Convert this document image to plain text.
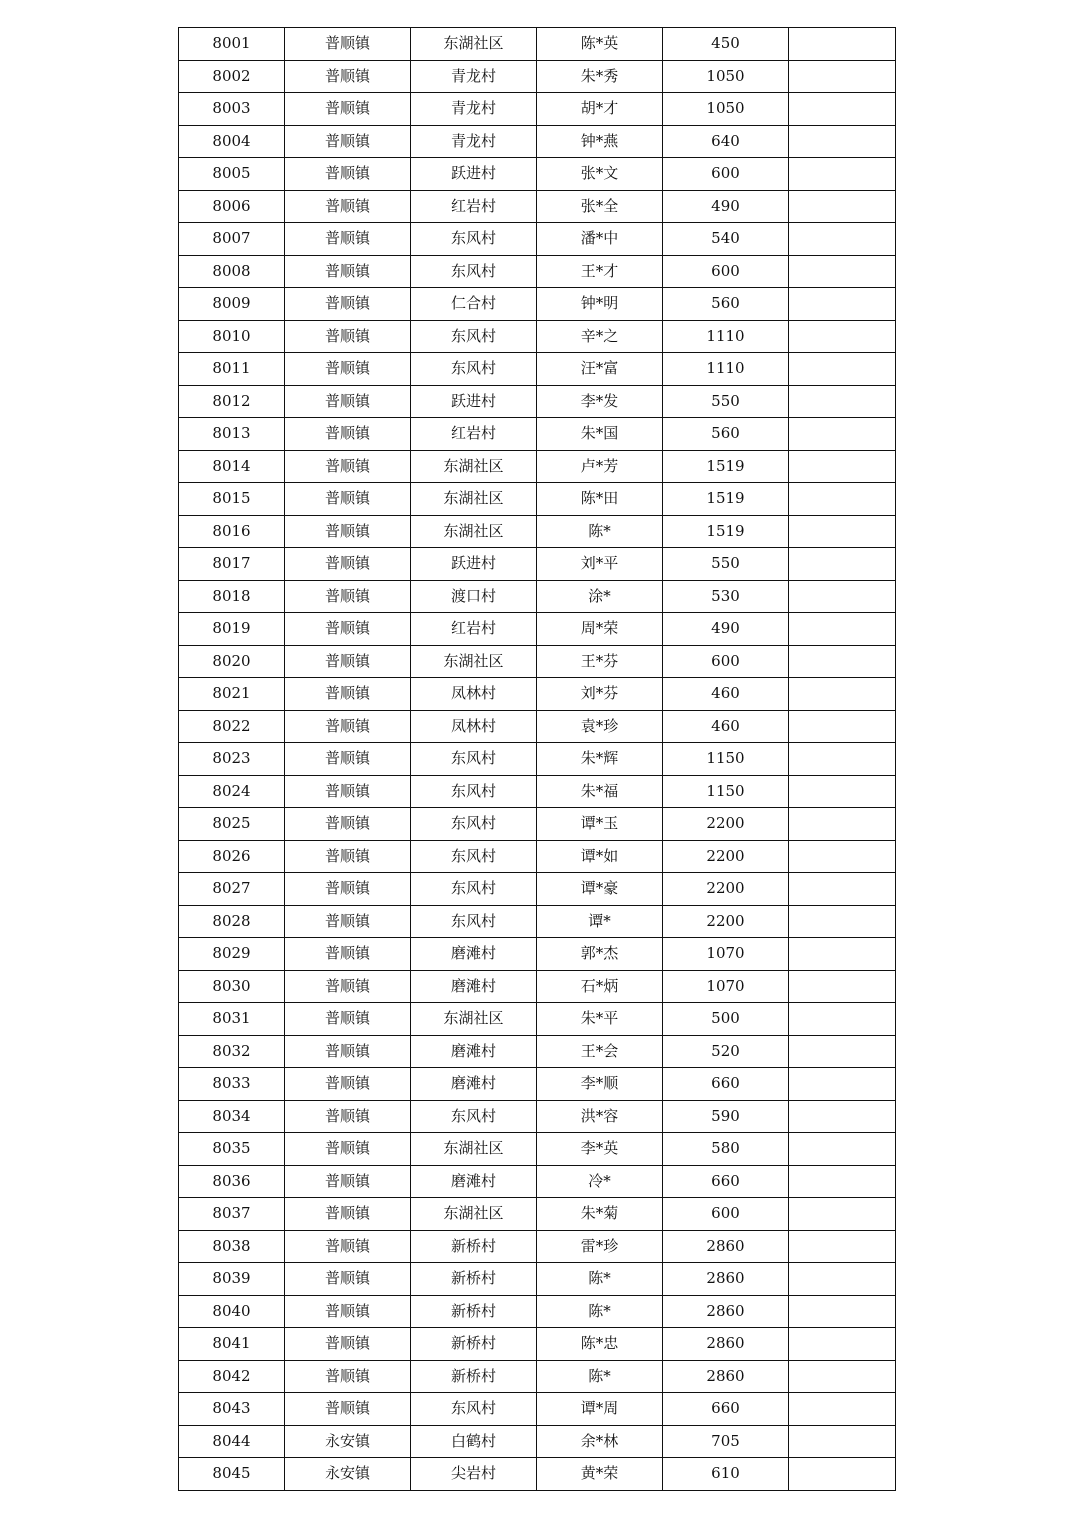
8001	普顺镇	东湖社区	陈*英	450	
8002	普顺镇	青龙村	朱*秀	1050	
8003	普顺镇	青龙村	胡*才	1050	
8004	普顺镇	青龙村	钟*燕	640	
8005	普顺镇	跃进村	张*文	600	
8006	普顺镇	红岩村	张*全	490	
8007	普顺镇	东风村	潘*中	540	
8008	普顺镇	东风村	王*才	600	
8009	普顺镇	仁合村	钟*明	560	
8010	普顺镇	东风村	辛*之	1110	
8011	普顺镇	东风村	汪*富	1110	
8012	普顺镇	跃进村	李*发	550	
8013	普顺镇	红岩村	朱*国	560	
8014	普顺镇	东湖社区	卢*芳	1519	
8015	普顺镇	东湖社区	陈*田	1519	
8016	普顺镇	东湖社区	陈*	1519	
8017	普顺镇	跃进村	刘*平	550	
8018	普顺镇	渡口村	涂*	530	
8019	普顺镇	红岩村	周*荣	490	
8020	普顺镇	东湖社区	王*芬	600	
8021	普顺镇	凤林村	刘*芬	460	
8022	普顺镇	凤林村	袁*珍	460	
8023	普顺镇	东风村	朱*辉	1150	
8024	普顺镇	东风村	朱*福	1150	
8025	普顺镇	东风村	谭*玉	2200	
8026	普顺镇	东风村	谭*如	2200	
8027	普顺镇	东风村	谭*豪	2200	
8028	普顺镇	东风村	谭*	2200	
8029	普顺镇	磨滩村	郭*杰	1070	
8030	普顺镇	磨滩村	石*炳	1070	
8031	普顺镇	东湖社区	朱*平	500	
8032	普顺镇	磨滩村	王*会	520	
8033	普顺镇	磨滩村	李*顺	660	
8034	普顺镇	东风村	洪*容	590	
8035	普顺镇	东湖社区	李*英	580	
8036	普顺镇	磨滩村	冷*	660	
8037	普顺镇	东湖社区	朱*菊	600	
8038	普顺镇	新桥村	雷*珍	2860	
8039	普顺镇	新桥村	陈*	2860	
8040	普顺镇	新桥村	陈*	2860	
8041	普顺镇	新桥村	陈*忠	2860	
8042	普顺镇	新桥村	陈*	2860	
8043	普顺镇	东风村	谭*周	660	
8044	永安镇	白鹤村	余*林	705	
8045	永安镇	尖岩村	黄*荣	610	
